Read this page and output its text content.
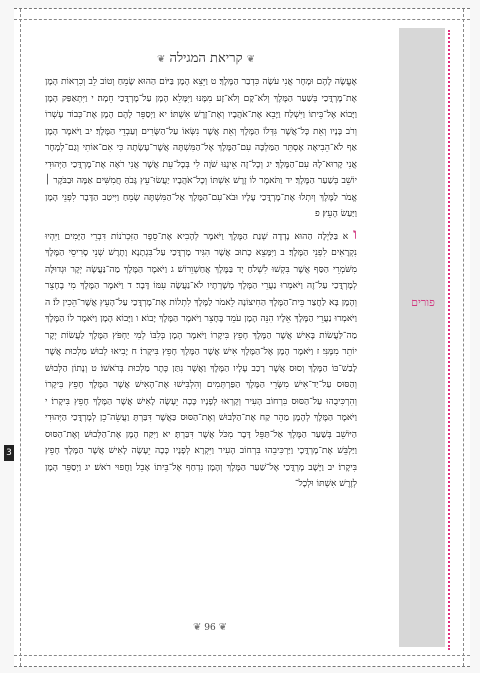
פורים
❦ קריאת המגילה ❦

אֶעֱשֶׂה לָהֶם וּמָחָר אֲנִי עֹשָׂה כִּדְבַר הַמֶּלֶךְ׃ ט וַיֵּצֵא הָמָן בַּיּוֹם הַהוּא שָׂמֵחַ וְטוֹב לֵב וְכִרְאוֹת הָמָן אֶת־מָרְדֳּכַי בְּשַׁעַר הַמֶּלֶךְ וְלֹא־קָם וְלֹא־זָע מִמֶּנּוּ וַיִּמָּלֵא הָמָן עַל־מָרְדֳּכַי חֵמָה׃ י וַיִּתְאַפַּק הָמָן וַיָּבוֹא אֶל־בֵּיתוֹ וַיִּשְׁלַח וַיָּבֵא אֶת־אֹהֲבָיו וְאֶת־זֶרֶשׁ אִשְׁתּוֹ׃ יא וַיְסַפֵּר לָהֶם הָמָן אֶת־כְּבוֹד עָשְׁרוֹ וְרֹב בָּנָיו וְאֵת כָּל־אֲשֶׁר גִּדְּלוֹ הַמֶּלֶךְ וְאֵת אֲשֶׁר נִשְּׂאוֹ עַל־הַשָּׂרִים וְעַבְדֵי הַמֶּלֶךְ׃ יב וַיֹּאמֶר הָמָן אַף לֹא־הֵבִיאָה אֶסְתֵּר הַמַּלְכָּה עִם־הַמֶּלֶךְ אֶל־הַמִּשְׁתֶּה אֲשֶׁר־עָשָׂתָה כִּי אִם־אוֹתִי וְגַם־לְמָחָר אֲנִי קָרוּא־לָהּ עִם־הַמֶּלֶךְ׃ יג וְכָל־זֶה אֵינֶנּוּ שֹׁוֶה לִי בְּכָל־עֵת אֲשֶׁר אֲנִי רֹאֶה אֶת־מָרְדֳּכַי הַיְּהוּדִי יוֹשֵׁב בְּשַׁעַר הַמֶּלֶךְ׃ יד וַתֹּאמֶר לוֹ זֶרֶשׁ אִשְׁתּוֹ וְכָל־אֹהֲבָיו יַעֲשׂוּ־עֵץ גָּבֹהַּ חֲמִשִּׁים אַמָּה וּבַבֹּקֶר ׀ אֱמֹר לַמֶּלֶךְ וְיִתְלוּ אֶת־מָרְדֳּכַי עָלָיו וּבֹא־עִם־הַמֶּלֶךְ אֶל־הַמִּשְׁתֶּה שָׂמֵחַ וַיִּיטַב הַדָּבָר לִפְנֵי הָמָן וַיַּעַשׂ הָעֵץ׃ פ

ו א בַּלַּיְלָה הַהוּא נָדְדָה שְׁנַת הַמֶּלֶךְ וַיֹּאמֶר לְהָבִיא אֶת־סֵפֶר הַזִּכְרֹנוֹת דִּבְרֵי הַיָּמִים וַיִּהְיוּ נִקְרָאִים לִפְנֵי הַמֶּלֶךְ׃ ב וַיִּמָּצֵא כָתוּב אֲשֶׁר הִגִּיד מָרְדֳּכַי עַל־בִּגְתָנָא וָתֶרֶשׁ שְׁנֵי סָרִיסֵי הַמֶּלֶךְ מִשֹּׁמְרֵי הַסַּף אֲשֶׁר בִּקְשׁוּ לִשְׁלֹחַ יָד בַּמֶּלֶךְ אֲחַשְׁוֵרוֹשׁ׃ ג וַיֹּאמֶר הַמֶּלֶךְ מַה־נַּעֲשָׂה יְקָר וּגְדוּלָּה לְמָרְדֳּכַי עַל־זֶה וַיֹּאמְרוּ נַעֲרֵי הַמֶּלֶךְ מְשָׁרְתָיו לֹא־נַעֲשָׂה עִמּוֹ דָּבָר׃ ד וַיֹּאמֶר הַמֶּלֶךְ מִי בֶחָצֵר וְהָמָן בָּא לַחֲצַר בֵּית־הַמֶּלֶךְ הַחִיצוֹנָה לֵאמֹר לַמֶּלֶךְ לִתְלוֹת אֶת־מָרְדֳּכַי עַל־הָעֵץ אֲשֶׁר־הֵכִין לוֹ׃ ה וַיֹּאמְרוּ נַעֲרֵי הַמֶּלֶךְ אֵלָיו הִנֵּה הָמָן עֹמֵד בֶּחָצֵר וַיֹּאמֶר הַמֶּלֶךְ יָבוֹא׃ ו וַיָּבוֹא הָמָן וַיֹּאמֶר לוֹ הַמֶּלֶךְ מַה־לַּעֲשׂוֹת בָּאִישׁ אֲשֶׁר הַמֶּלֶךְ חָפֵץ בִּיקָרוֹ וַיֹּאמֶר הָמָן בְּלִבּוֹ לְמִי יַחְפֹּץ הַמֶּלֶךְ לַעֲשׂוֹת יְקָר יוֹתֵר מִמֶּנִּי׃ ז וַיֹּאמֶר הָמָן אֶל־הַמֶּלֶךְ אִישׁ אֲשֶׁר הַמֶּלֶךְ חָפֵץ בִּיקָרוֹ׃ ח יָבִיאוּ לְבוּשׁ מַלְכוּת אֲשֶׁר לָבַשׁ־בּוֹ הַמֶּלֶךְ וְסוּס אֲשֶׁר רָכַב עָלָיו הַמֶּלֶךְ וַאֲשֶׁר נִתַּן כֶּתֶר מַלְכוּת בְּרֹאשׁוֹ׃ ט וְנָתוֹן הַלְּבוּשׁ וְהַסּוּס עַל־יַד־אִישׁ מִשָּׂרֵי הַמֶּלֶךְ הַפַּרְתְּמִים וְהִלְבִּישׁוּ אֶת־הָאִישׁ אֲשֶׁר הַמֶּלֶךְ חָפֵץ בִּיקָרוֹ וְהִרְכִּיבֻהוּ עַל־הַסּוּס בִּרְחוֹב הָעִיר וְקָרְאוּ לְפָנָיו כָּכָה יֵעָשֶׂה לָאִישׁ אֲשֶׁר הַמֶּלֶךְ חָפֵץ בִּיקָרוֹ׃ י וַיֹּאמֶר הַמֶּלֶךְ לְהָמָן מַהֵר קַח אֶת־הַלְּבוּשׁ וְאֶת־הַסּוּס כַּאֲשֶׁר דִּבַּרְתָּ וַעֲשֵׂה־כֵן לְמָרְדֳּכַי הַיְּהוּדִי הַיּוֹשֵׁב בְּשַׁעַר הַמֶּלֶךְ אַל־תַּפֵּל דָּבָר מִכֹּל אֲשֶׁר דִּבַּרְתָּ׃ יא וַיִּקַּח הָמָן אֶת־הַלְּבוּשׁ וְאֶת־הַסּוּס וַיַּלְבֵּשׁ אֶת־מָרְדֳּכָי וַיַּרְכִּיבֵהוּ בִּרְחוֹב הָעִיר וַיִּקְרָא לְפָנָיו כָּכָה יֵעָשֶׂה לָאִישׁ אֲשֶׁר הַמֶּלֶךְ חָפֵץ בִּיקָרוֹ׃ יב וַיָּשָׁב מָרְדֳּכַי אֶל־שַׁעַר הַמֶּלֶךְ וְהָמָן נִדְחַף אֶל־בֵּיתוֹ אָבֵל וַחֲפוּי רֹאשׁ׃ יג וַיְסַפֵּר הָמָן לְזֶרֶשׁ אִשְׁתּוֹ וּלְכָל־

3
❦ 96 ❦
